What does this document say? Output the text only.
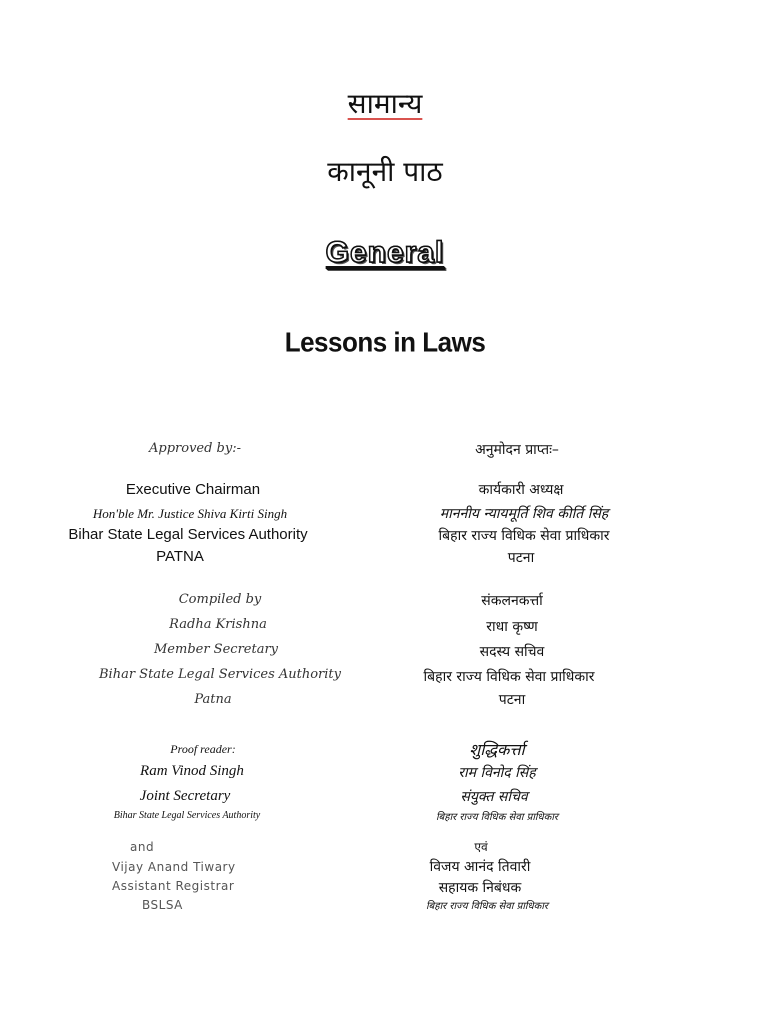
सामान्य
कानूनी पाठ
General
Lessons in Laws
Approved by:-
Executive Chairman
Hon'ble Mr. Justice Shiva Kirti Singh
Bihar State Legal Services Authority
PATNA
अनुमोदन प्राप्तः–
कार्यकारी अध्यक्ष
माननीय न्यायमूर्ति शिव कीर्ति सिंह
बिहार राज्य विधिक सेवा प्राधिकार
पटना
Compiled by
Radha Krishna
Member Secretary
Bihar State Legal Services Authority
Patna
संकलनकर्त्ता
राधा कृष्ण
सदस्य सचिव
बिहार राज्य विधिक सेवा प्राधिकार
पटना
Proof reader:
Ram Vinod Singh
Joint Secretary
Bihar State Legal Services Authority
शुद्धिकर्त्ता
राम विनोद सिंह
संयुक्त सचिव
बिहार राज्य विधिक सेवा प्राधिकार
and
Vijay Anand Tiwary
Assistant Registrar
BSLSA
एवं
विजय आनंद तिवारी
सहायक निबंधक
बिहार राज्य विधिक सेवा प्राधिकार
